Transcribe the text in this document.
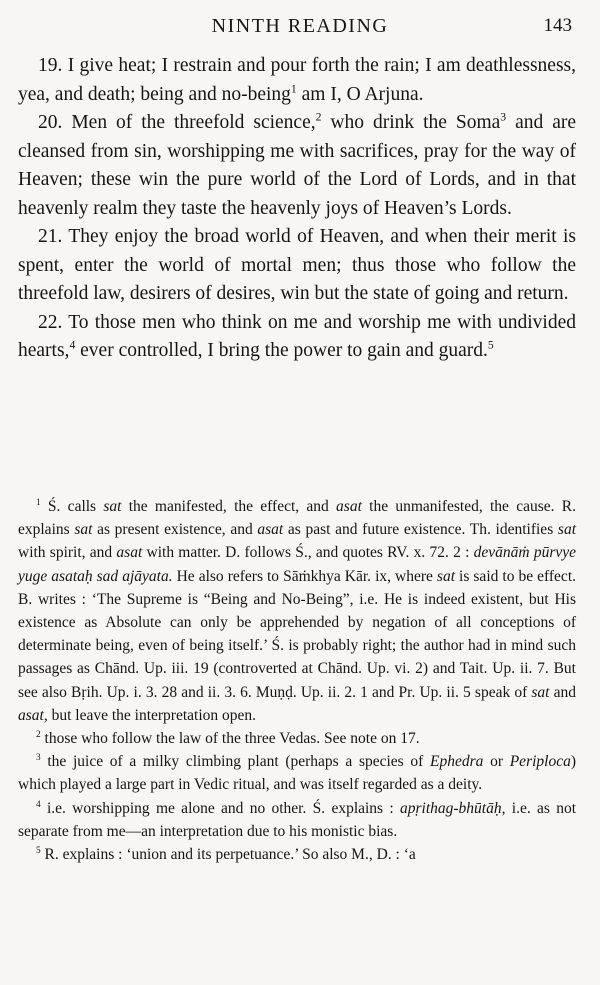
NINTH READING	143

19. I give heat; I restrain and pour forth the rain; I am deathlessness, yea, and death; being and no-being$^1$ am I, O Arjuna.

20. Men of the threefold science,$^2$ who drink the Soma$^3$ and are cleansed from sin, worshipping me with sacrifices, pray for the way of Heaven; these win the pure world of the Lord of Lords, and in that heavenly realm they taste the heavenly joys of Heaven’s Lords.

21. They enjoy the broad world of Heaven, and when their merit is spent, enter the world of mortal men; thus those who follow the threefold law, desirers of desires, win but the state of going and return.

22. To those men who think on me and worship me with undivided hearts,$^4$ ever controlled, I bring the power to gain and guard.$^5$

$^1$ Ś. calls sat the manifested, the effect, and asat the unmanifested, the cause. R. explains sat as present existence, and asat as past and future existence. Th. identifies sat with spirit, and asat with matter. D. follows Ś., and quotes RV. x. 72. 2 : devānāṁ pūrvye yuge asataḥ sad ajāyata. He also refers to Sāṁkhya Kār. ix, where sat is said to be effect. B. writes : ‘The Supreme is “Being and No-Being”, i.e. He is indeed existent, but His existence as Absolute can only be apprehended by negation of all conceptions of determinate being, even of being itself.’ Ś. is probably right; the author had in mind such passages as Chānd. Up. iii. 19 (controverted at Chānd. Up. vi. 2) and Tait. Up. ii. 7. But see also Bṛih. Up. i. 3. 28 and ii. 3. 6. Muṇḍ. Up. ii. 2. 1 and Pr. Up. ii. 5 speak of sat and asat, but leave the interpretation open.

$^2$ those who follow the law of the three Vedas. See note on 17.

$^3$ the juice of a milky climbing plant (perhaps a species of Ephedra or Periploca) which played a large part in Vedic ritual, and was itself regarded as a deity.

$^4$ i.e. worshipping me alone and no other. Ś. explains : apṛithag-bhūtāḥ, i.e. as not separate from me—an interpretation due to his monistic bias.

$^5$ R. explains : ‘union and its perpetuance.’ So also M., D. : ‘a
